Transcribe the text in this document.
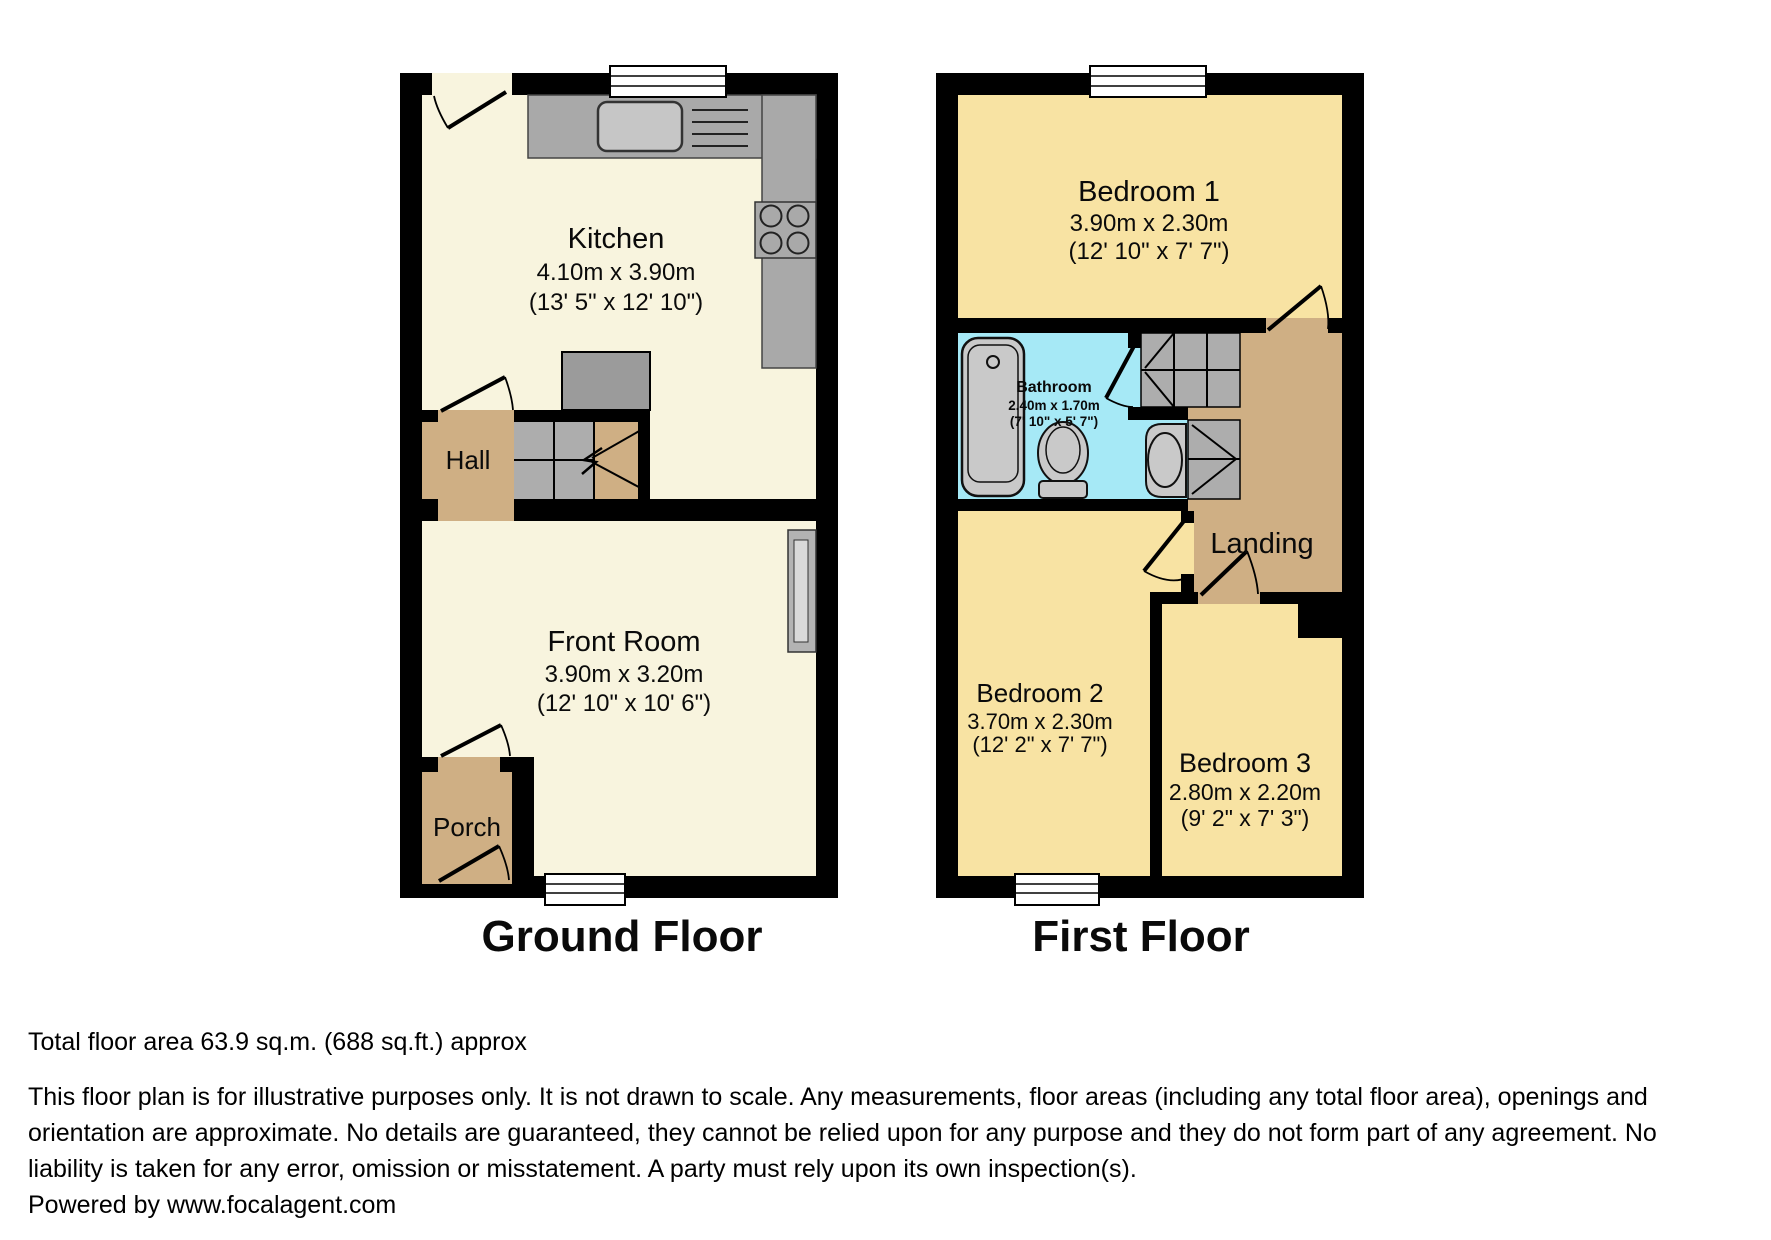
Kitchen
4.10m x 3.90m
(13' 5" x 12' 10")
Hall
Front Room
3.90m x 3.20m
(12' 10" x 10' 6")
Porch
Bedroom 1
3.90m x 2.30m
(12' 10" x 7' 7")
Bathroom
2.40m x 1.70m
(7' 10" x 5' 7")
Landing
Bedroom 2
3.70m x 2.30m
(12' 2" x 7' 7")
Bedroom 3
2.80m x 2.20m
(9' 2" x 7' 3")
Ground Floor	First Floor

Total floor area 63.9 sq.m. (688 sq.ft.) approx

This floor plan is for illustrative purposes only. It is not drawn to scale. Any measurements, floor areas (including any total floor area), openings and orientation are approximate. No details are guaranteed, they cannot be relied upon for any purpose and they do not form part of any agreement. No liability is taken for any error, omission or misstatement. A party must rely upon its own inspection(s).

Powered by www.focalagent.com
